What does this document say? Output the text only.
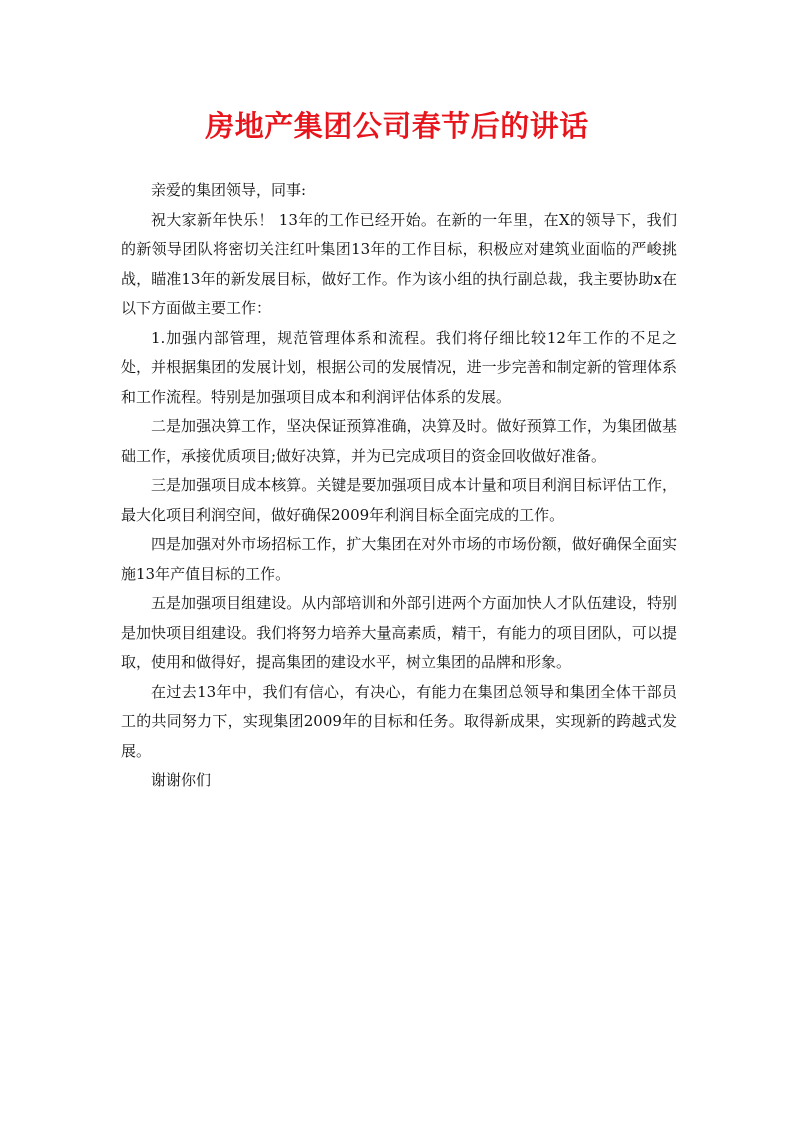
房地产集团公司春节后的讲话

亲爱的集团领导，同事:

祝大家新年快乐！ 13年的工作已经开始。在新的一年里，在X的领导下，我们的新领导团队将密切关注红叶集团13年的工作目标，积极应对建筑业面临的严峻挑战，瞄准13年的新发展目标，做好工作。作为该小组的执行副总裁，我主要协助x在以下方面做主要工作：

1.加强内部管理，规范管理体系和流程。我们将仔细比较12年工作的不足之处，并根据集团的发展计划，根据公司的发展情况，进一步完善和制定新的管理体系和工作流程。特别是加强项目成本和利润评估体系的发展。

二是加强决算工作，坚决保证预算准确，决算及时。做好预算工作，为集团做基础工作，承接优质项目;做好决算，并为已完成项目的资金回收做好准备。

三是加强项目成本核算。关键是要加强项目成本计量和项目利润目标评估工作，最大化项目利润空间，做好确保2009年利润目标全面完成的工作。

四是加强对外市场招标工作，扩大集团在对外市场的市场份额，做好确保全面实施13年产值目标的工作。

五是加强项目组建设。从内部培训和外部引进两个方面加快人才队伍建设，特别是加快项目组建设。我们将努力培养大量高素质，精干，有能力的项目团队，可以提取，使用和做得好，提高集团的建设水平，树立集团的品牌和形象。

在过去13年中，我们有信心，有决心，有能力在集团总领导和集团全体干部员工的共同努力下，实现集团2009年的目标和任务。取得新成果，实现新的跨越式发展。

谢谢你们
